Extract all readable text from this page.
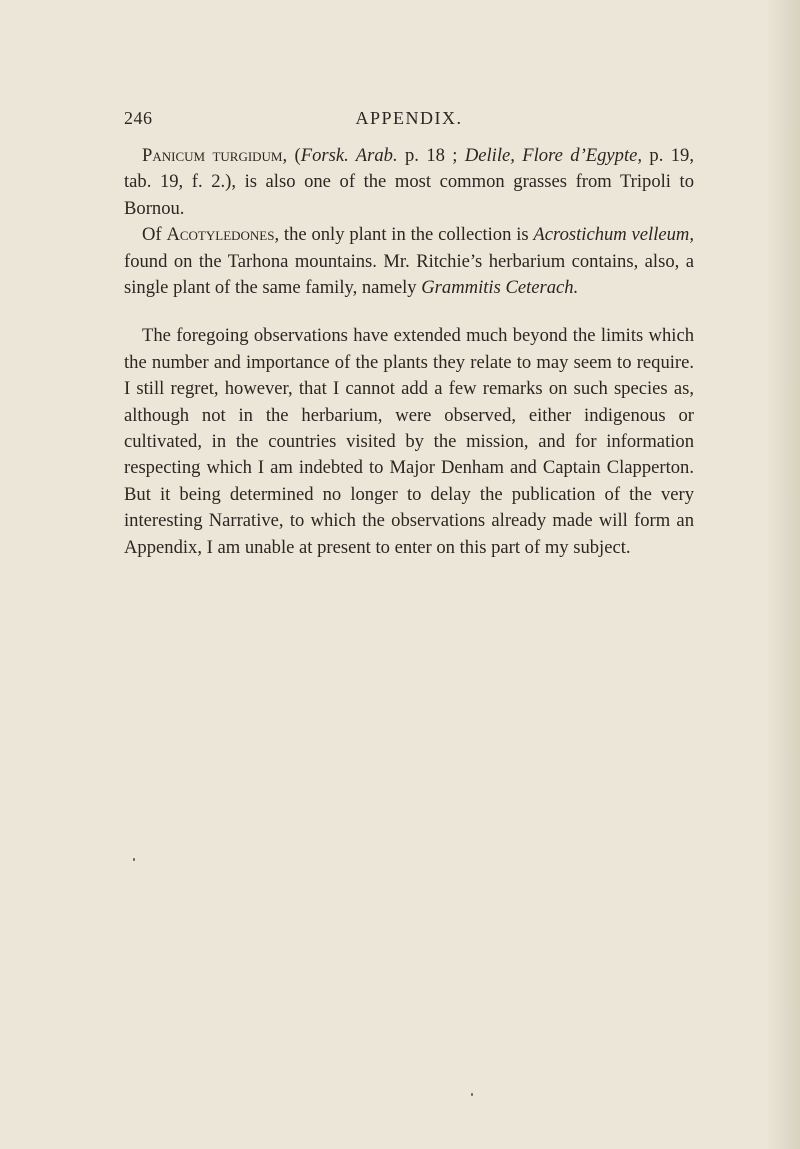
APPENDIX.
246

Panicum turgidum, (Forsk. Arab. p. 18 ; Delile, Flore d’Egypte, p. 19, tab. 19, f. 2.), is also one of the most common grasses from Tripoli to Bornou.

Of Acotyledones, the only plant in the collection is Acrostichum velleum, found on the Tarhona mountains. Mr. Ritchie’s herbarium contains, also, a single plant of the same family, namely Grammitis Ceterach.

The foregoing observations have extended much beyond the limits which the number and importance of the plants they relate to may seem to require. I still regret, however, that I cannot add a few remarks on such species as, although not in the herbarium, were observed, either indigenous or cultivated, in the countries visited by the mission, and for information respecting which I am indebted to Major Denham and Captain Clapperton. But it being determined no longer to delay the publication of the very interesting Narrative, to which the observations already made will form an Appendix, I am unable at present to enter on this part of my subject.
